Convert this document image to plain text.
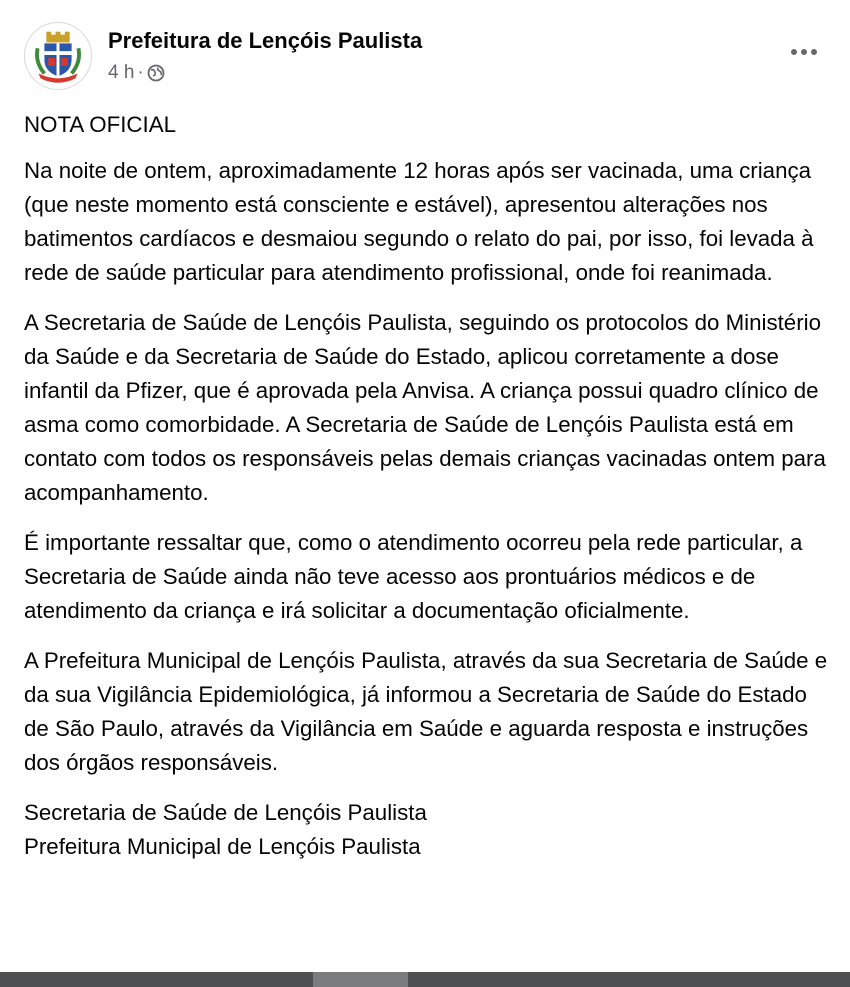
Prefeitura de Lençóis Paulista
4 h ·

NOTA OFICIAL

Na noite de ontem, aproximadamente 12 horas após ser vacinada, uma criança (que neste momento está consciente e estável), apresentou alterações nos batimentos cardíacos e desmaiou segundo o relato do pai, por isso, foi levada à rede de saúde particular para atendimento profissional, onde foi reanimada.

A Secretaria de Saúde de Lençóis Paulista, seguindo os protocolos do Ministério da Saúde e da Secretaria de Saúde do Estado, aplicou corretamente a dose infantil da Pfizer, que é aprovada pela Anvisa. A criança possui quadro clínico de asma como comorbidade. A Secretaria de Saúde de Lençóis Paulista está em contato com todos os responsáveis pelas demais crianças vacinadas ontem para acompanhamento.

É importante ressaltar que, como o atendimento ocorreu pela rede particular, a Secretaria de Saúde ainda não teve acesso aos prontuários médicos e de atendimento da criança e irá solicitar a documentação oficialmente.

A Prefeitura Municipal de Lençóis Paulista, através da sua Secretaria de Saúde e da sua Vigilância Epidemiológica, já informou a Secretaria de Saúde do Estado de São Paulo, através da Vigilância em Saúde e aguarda resposta e instruções dos órgãos responsáveis.

Secretaria de Saúde de Lençóis Paulista
Prefeitura Municipal de Lençóis Paulista
